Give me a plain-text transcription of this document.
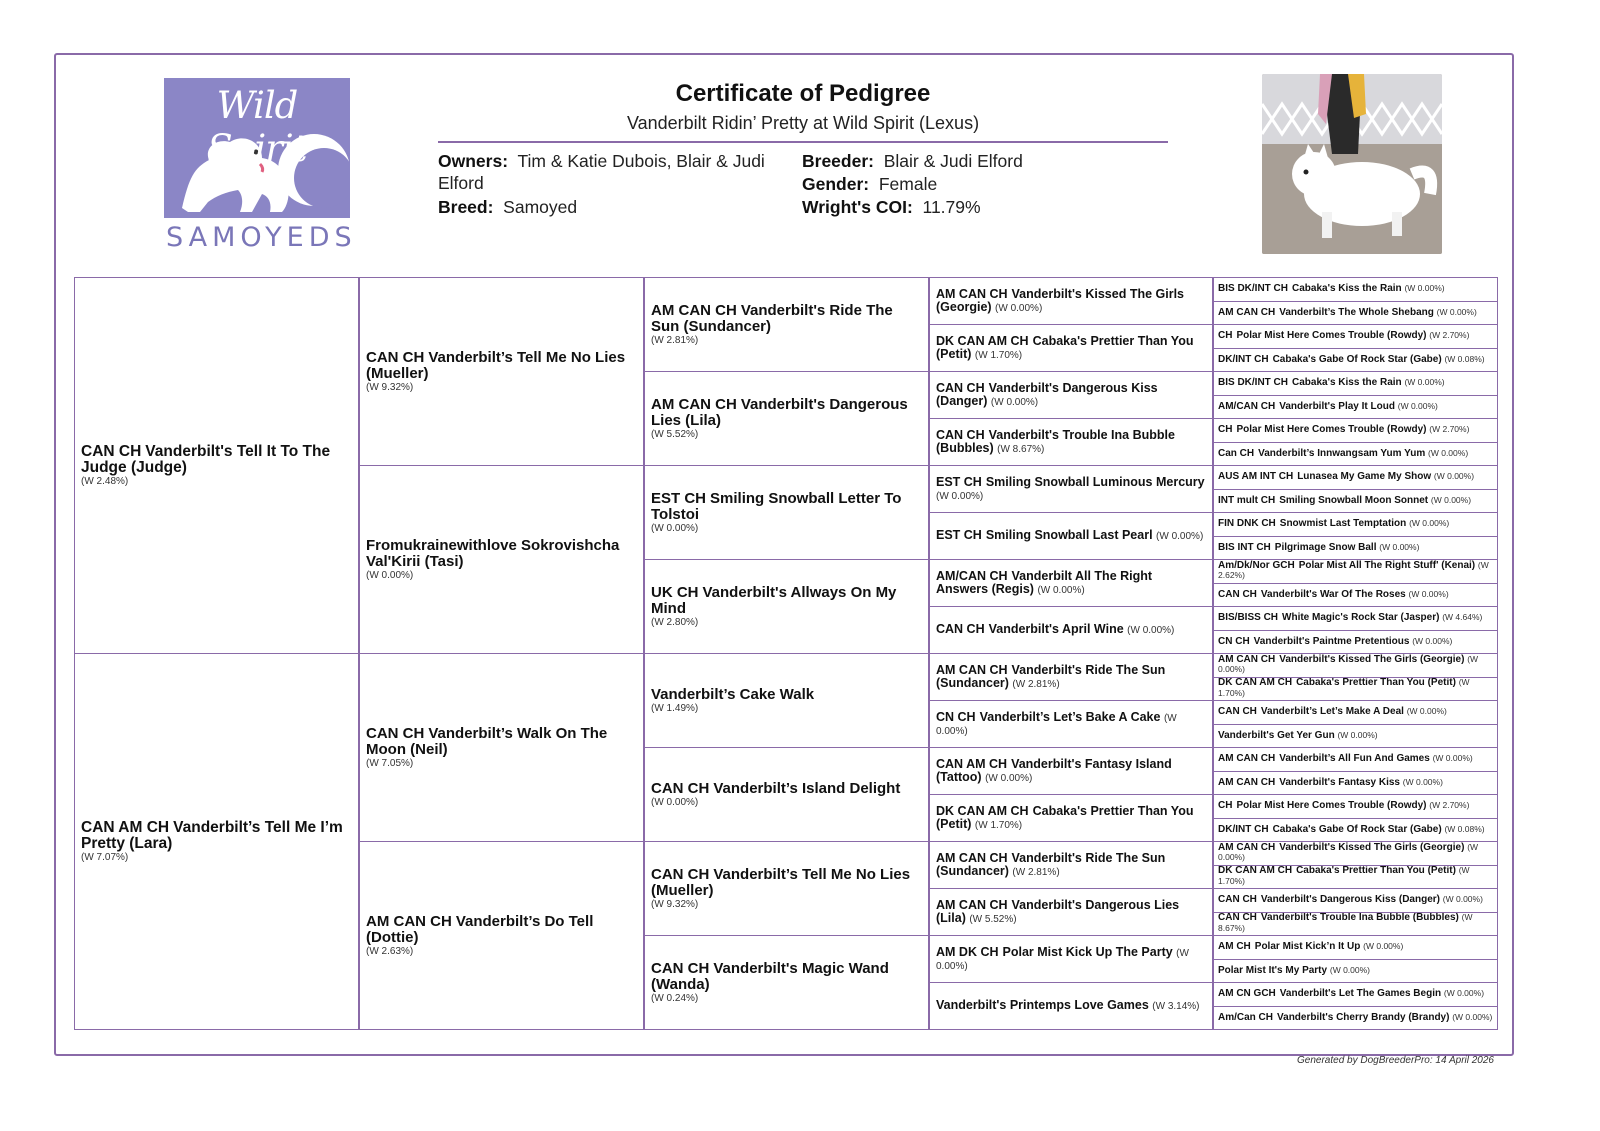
Wild Spirit
SAMOYEDS
Certificate of Pedigree
Vanderbilt Ridin’ Pretty at Wild Spirit (Lexus)
Owners: Tim & Katie Dubois, Blair & Judi Elford
Breed: Samoyed
Breeder: Blair & Judi Elford
Gender: Female
Wright's COI: 11.79%
CAN CH Vanderbilt's Tell It To The Judge (Judge)
(W 2.48%)
CAN AM CH Vanderbilt’s Tell Me I’m Pretty (Lara)
(W 7.07%)
CAN CH Vanderbilt’s Tell Me No Lies (Mueller)
(W 9.32%)
Fromukrainewithlove Sokrovishcha Val'Kirii (Tasi)
(W 0.00%)
CAN CH Vanderbilt’s Walk On The Moon (Neil)
(W 7.05%)
AM CAN CH Vanderbilt’s Do Tell (Dottie)
(W 2.63%)
AM CAN CH Vanderbilt's Ride The Sun (Sundancer)
(W 2.81%)
AM CAN CH Vanderbilt's Dangerous Lies (Lila)
(W 5.52%)
EST CH Smiling Snowball Letter To Tolstoi
(W 0.00%)
UK CH Vanderbilt's Allways On My Mind
(W 2.80%)
Vanderbilt’s Cake Walk
(W 1.49%)
CAN CH Vanderbilt’s Island Delight
(W 0.00%)
CAN CH Vanderbilt’s Tell Me No Lies (Mueller)
(W 9.32%)
CAN CH Vanderbilt's Magic Wand (Wanda)
(W 0.24%)
AM CAN CH Vanderbilt's Kissed The Girls (Georgie) (W 0.00%)
DK CAN AM CH Cabaka's Prettier Than You (Petit) (W 1.70%)
CAN CH Vanderbilt's Dangerous Kiss (Danger) (W 0.00%)
CAN CH Vanderbilt's Trouble Ina Bubble (Bubbles) (W 8.67%)
EST CH Smiling Snowball Luminous Mercury (W 0.00%)
EST CH Smiling Snowball Last Pearl (W 0.00%)
AM/CAN CH Vanderbilt All The Right Answers (Regis) (W 0.00%)
CAN CH Vanderbilt's April Wine (W 0.00%)
AM CAN CH Vanderbilt's Ride The Sun (Sundancer) (W 2.81%)
CN CH Vanderbilt’s Let’s Bake A Cake (W 0.00%)
CAN AM CH Vanderbilt's Fantasy Island (Tattoo) (W 0.00%)
DK CAN AM CH Cabaka's Prettier Than You (Petit) (W 1.70%)
AM CAN CH Vanderbilt's Ride The Sun (Sundancer) (W 2.81%)
AM CAN CH Vanderbilt's Dangerous Lies (Lila) (W 5.52%)
AM DK CH Polar Mist Kick Up The Party (W 0.00%)
Vanderbilt's Printemps Love Games (W 3.14%)
BIS DK/INT CH Cabaka's Kiss the Rain (W 0.00%)
AM CAN CH Vanderbilt’s The Whole Shebang (W 0.00%)
CH Polar Mist Here Comes Trouble (Rowdy) (W 2.70%)
DK/INT CH Cabaka's Gabe Of Rock Star (Gabe) (W 0.08%)
BIS DK/INT CH Cabaka's Kiss the Rain (W 0.00%)
AM/CAN CH Vanderbilt's Play It Loud (W 0.00%)
CH Polar Mist Here Comes Trouble (Rowdy) (W 2.70%)
Can CH Vanderbilt’s Innwangsam Yum Yum (W 0.00%)
AUS AM INT CH Lunasea My Game My Show (W 0.00%)
INT mult CH Smiling Snowball Moon Sonnet (W 0.00%)
FIN DNK CH Snowmist Last Temptation (W 0.00%)
BIS INT CH Pilgrimage Snow Ball (W 0.00%)
Am/Dk/Nor GCH Polar Mist All The Right Stuff' (Kenai) (W 2.62%)
CAN CH Vanderbilt's War Of The Roses (W 0.00%)
BIS/BISS CH White Magic's Rock Star (Jasper) (W 4.64%)
CN CH Vanderbilt's Paintme Pretentious (W 0.00%)
AM CAN CH Vanderbilt's Kissed The Girls (Georgie) (W 0.00%)
DK CAN AM CH Cabaka's Prettier Than You (Petit) (W 1.70%)
CAN CH Vanderbilt’s Let’s Make A Deal (W 0.00%)
Vanderbilt's Get Yer Gun (W 0.00%)
AM CAN CH Vanderbilt’s All Fun And Games (W 0.00%)
AM CAN CH Vanderbilt's Fantasy Kiss (W 0.00%)
CH Polar Mist Here Comes Trouble (Rowdy) (W 2.70%)
DK/INT CH Cabaka's Gabe Of Rock Star (Gabe) (W 0.08%)
AM CAN CH Vanderbilt's Kissed The Girls (Georgie) (W 0.00%)
DK CAN AM CH Cabaka's Prettier Than You (Petit) (W 1.70%)
CAN CH Vanderbilt's Dangerous Kiss (Danger) (W 0.00%)
CAN CH Vanderbilt's Trouble Ina Bubble (Bubbles) (W 8.67%)
AM CH Polar Mist Kick’n It Up (W 0.00%)
Polar Mist It's My Party (W 0.00%)
AM CN GCH Vanderbilt's Let The Games Begin (W 0.00%)
Am/Can CH Vanderbilt's Cherry Brandy (Brandy) (W 0.00%)
Generated by DogBreederPro: 14 April 2026
